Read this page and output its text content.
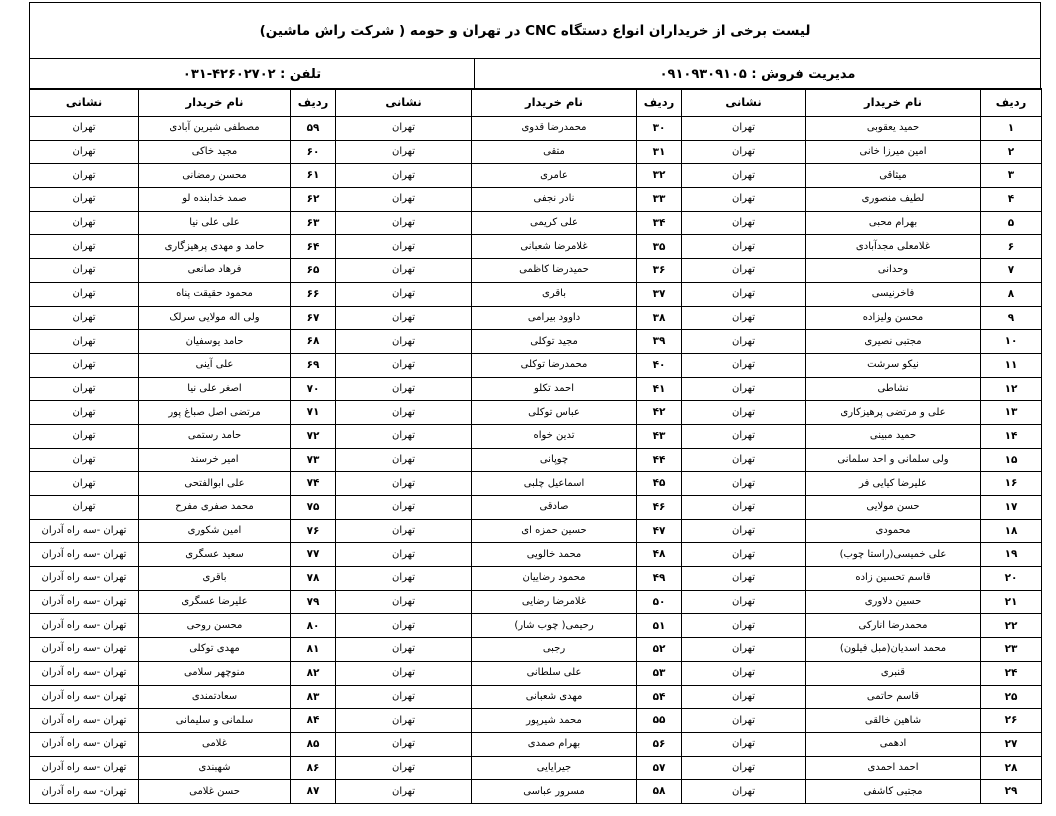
لیست برخی از خریداران انواع دستگاه CNC در تهران و حومه ( شرکت راش ماشین)
مدیریت فروش : ۰۹۱۰۹۳۰۹۱۰۵
تلفن : ۴۲۶۰۲۷۰۲-۰۳۱
ردیف	نام خریدار	نشانی	ردیف	نام خریدار	نشانی	ردیف	نام خریدار	نشانی
۱	حمید یعقوبی	تهران	۳۰	محمدرضا قدوی	تهران	۵۹	مصطفی شیرین آبادی	تهران
۲	امین میرزا خانی	تهران	۳۱	متقی	تهران	۶۰	مجید خاکی	تهران
۳	میثاقی	تهران	۳۲	عامری	تهران	۶۱	محسن رمضانی	تهران
۴	لطیف منصوری	تهران	۳۳	نادر نجفی	تهران	۶۲	صمد خدابنده لو	تهران
۵	بهرام محبی	تهران	۳۴	علی کریمی	تهران	۶۳	علی علی نیا	تهران
۶	غلامعلی مجدآبادی	تهران	۳۵	غلامرضا شعبانی	تهران	۶۴	حامد و مهدی پرهیزگاری	تهران
۷	وحدانی	تهران	۳۶	حمیدرضا کاظمی	تهران	۶۵	فرهاد صانعی	تهران
۸	فاخرنیسی	تهران	۳۷	باقری	تهران	۶۶	محمود حقیقت پناه	تهران
۹	محسن ولیزاده	تهران	۳۸	داوود بیرامی	تهران	۶۷	ولی اله مولایی سرلک	تهران
۱۰	مجتبی نصیری	تهران	۳۹	مجید توکلی	تهران	۶۸	حامد یوسفیان	تهران
۱۱	نیکو سرشت	تهران	۴۰	محمدرضا توکلی	تهران	۶۹	علی آینی	تهران
۱۲	نشاطی	تهران	۴۱	احمد تکلو	تهران	۷۰	اصغر علی نیا	تهران
۱۳	علی و مرتضی پرهیزکاری	تهران	۴۲	عباس توکلی	تهران	۷۱	مرتضی اصل صباغ پور	تهران
۱۴	حمید مبینی	تهران	۴۳	تدین خواه	تهران	۷۲	حامد رستمی	تهران
۱۵	ولی سلمانی و احد سلمانی	تهران	۴۴	چوپانی	تهران	۷۳	امیر خرسند	تهران
۱۶	علیرضا کیایی فر	تهران	۴۵	اسماعیل چلبی	تهران	۷۴	علی ابوالفتحی	تهران
۱۷	حسن مولایی	تهران	۴۶	صادقی	تهران	۷۵	محمد صفری مفرح	تهران
۱۸	محمودی	تهران	۴۷	حسین حمزه ای	تهران	۷۶	امین شکوری	تهران -سه راه آدران
۱۹	علی خمیسی(راستا چوب)	تهران	۴۸	محمد خالویی	تهران	۷۷	سعید عسگری	تهران -سه راه آدران
۲۰	قاسم تحسین زاده	تهران	۴۹	محمود رضاییان	تهران	۷۸	باقری	تهران -سه راه آدران
۲۱	حسین دلاوری	تهران	۵۰	غلامرضا رضایی	تهران	۷۹	علیرضا عسگری	تهران -سه راه آدران
۲۲	محمدرضا انارکی	تهران	۵۱	رحیمی( چوب شار)	تهران	۸۰	محسن روحی	تهران -سه راه آدران
۲۳	محمد اسدیان(مبل فیلون)	تهران	۵۲	رجبی	تهران	۸۱	مهدی توکلی	تهران -سه راه آدران
۲۴	قنبری	تهران	۵۳	علی سلطانی	تهران	۸۲	منوچهر سلامی	تهران -سه راه آدران
۲۵	قاسم حاتمی	تهران	۵۴	مهدی شعبانی	تهران	۸۳	سعادتمندی	تهران -سه راه آدران
۲۶	شاهین خالقی	تهران	۵۵	محمد شیرپور	تهران	۸۴	سلمانی و سلیمانی	تهران -سه راه آدران
۲۷	ادهمی	تهران	۵۶	بهرام صمدی	تهران	۸۵	غلامی	تهران -سه راه آدران
۲۸	احمد احمدی	تهران	۵۷	جیرایایی	تهران	۸۶	شهبندی	تهران -سه راه آدران
۲۹	مجتبی کاشفی	تهران	۵۸	مسرور عباسی	تهران	۸۷	حسن غلامی	تهران- سه راه آدران
